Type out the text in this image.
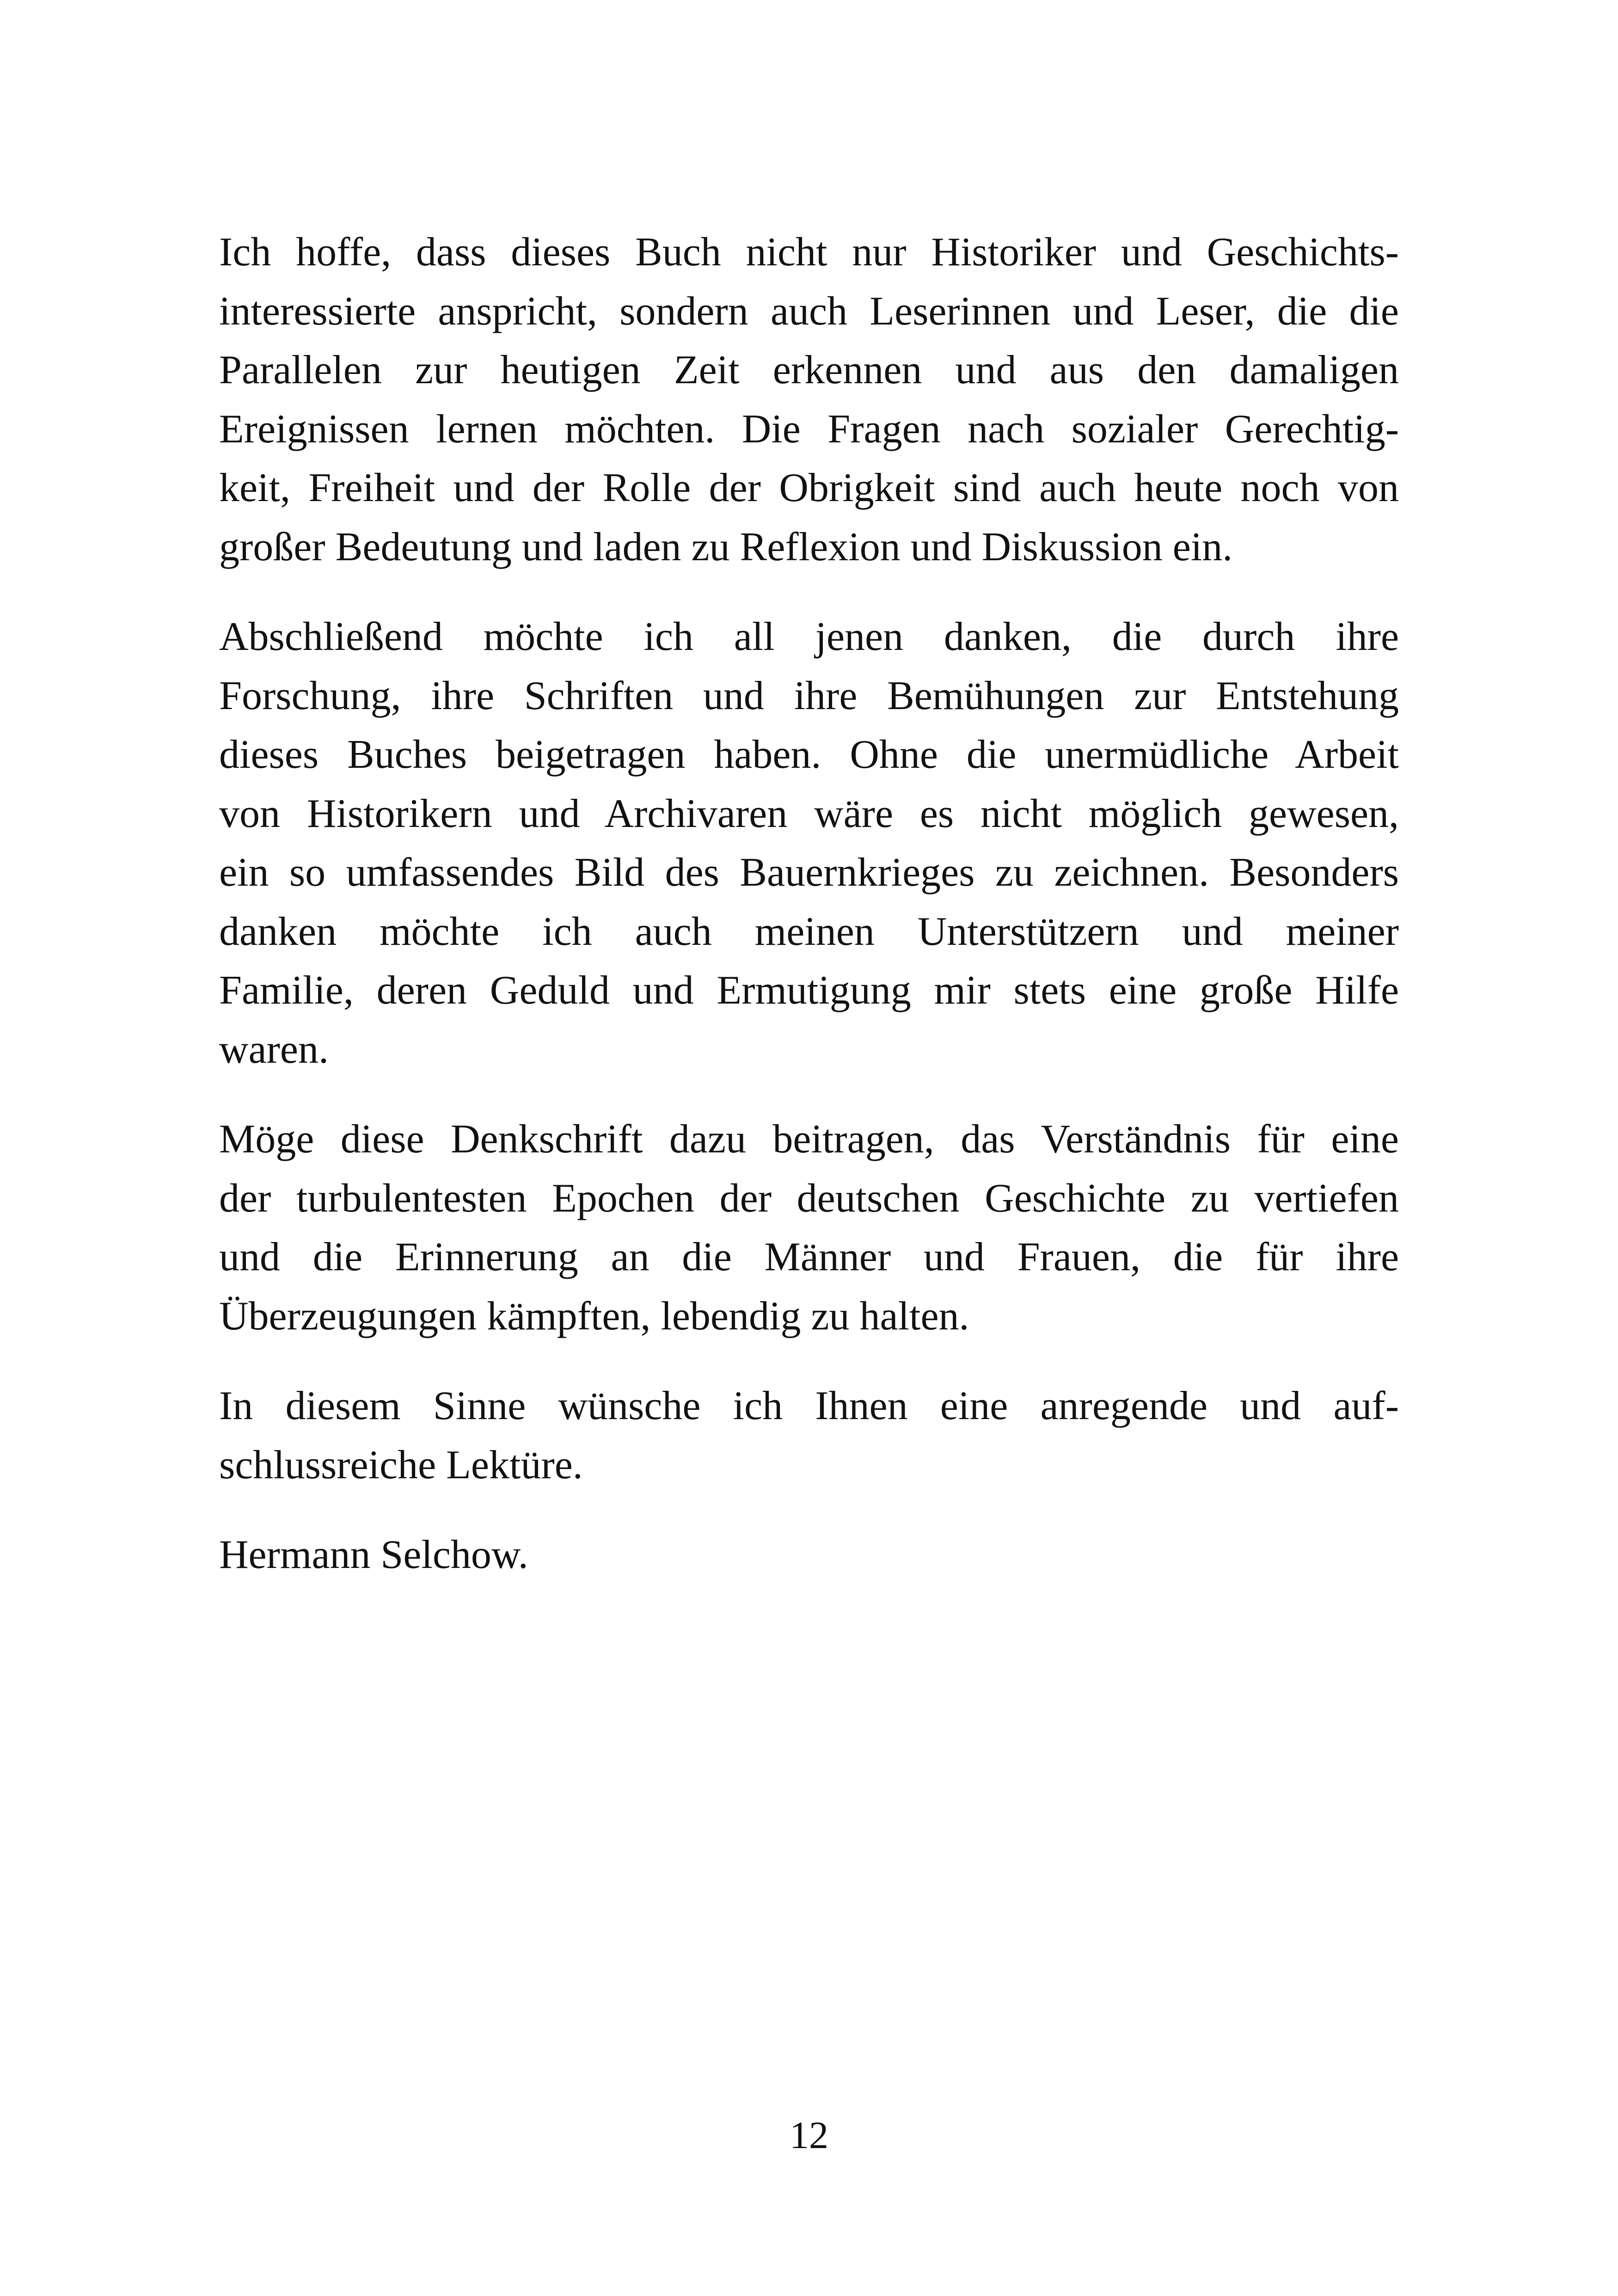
Ich hoffe, dass dieses Buch nicht nur Historiker und Geschichts-
interessierte anspricht, sondern auch Leserinnen und Leser, die die
Parallelen zur heutigen Zeit erkennen und aus den damaligen
Ereignissen lernen möchten. Die Fragen nach sozialer Gerechtig-
keit, Freiheit und der Rolle der Obrigkeit sind auch heute noch von
großer Bedeutung und laden zu Reflexion und Diskussion ein.

Abschließend möchte ich all jenen danken, die durch ihre
Forschung, ihre Schriften und ihre Bemühungen zur Entstehung
dieses Buches beigetragen haben. Ohne die unermüdliche Arbeit
von Historikern und Archivaren wäre es nicht möglich gewesen,
ein so umfassendes Bild des Bauernkrieges zu zeichnen. Besonders
danken möchte ich auch meinen Unterstützern und meiner
Familie, deren Geduld und Ermutigung mir stets eine große Hilfe
waren.

Möge diese Denkschrift dazu beitragen, das Verständnis für eine
der turbulentesten Epochen der deutschen Geschichte zu vertiefen
und die Erinnerung an die Männer und Frauen, die für ihre
Überzeugungen kämpften, lebendig zu halten.

In diesem Sinne wünsche ich Ihnen eine anregende und auf-
schlussreiche Lektüre.

Hermann Selchow.

12
